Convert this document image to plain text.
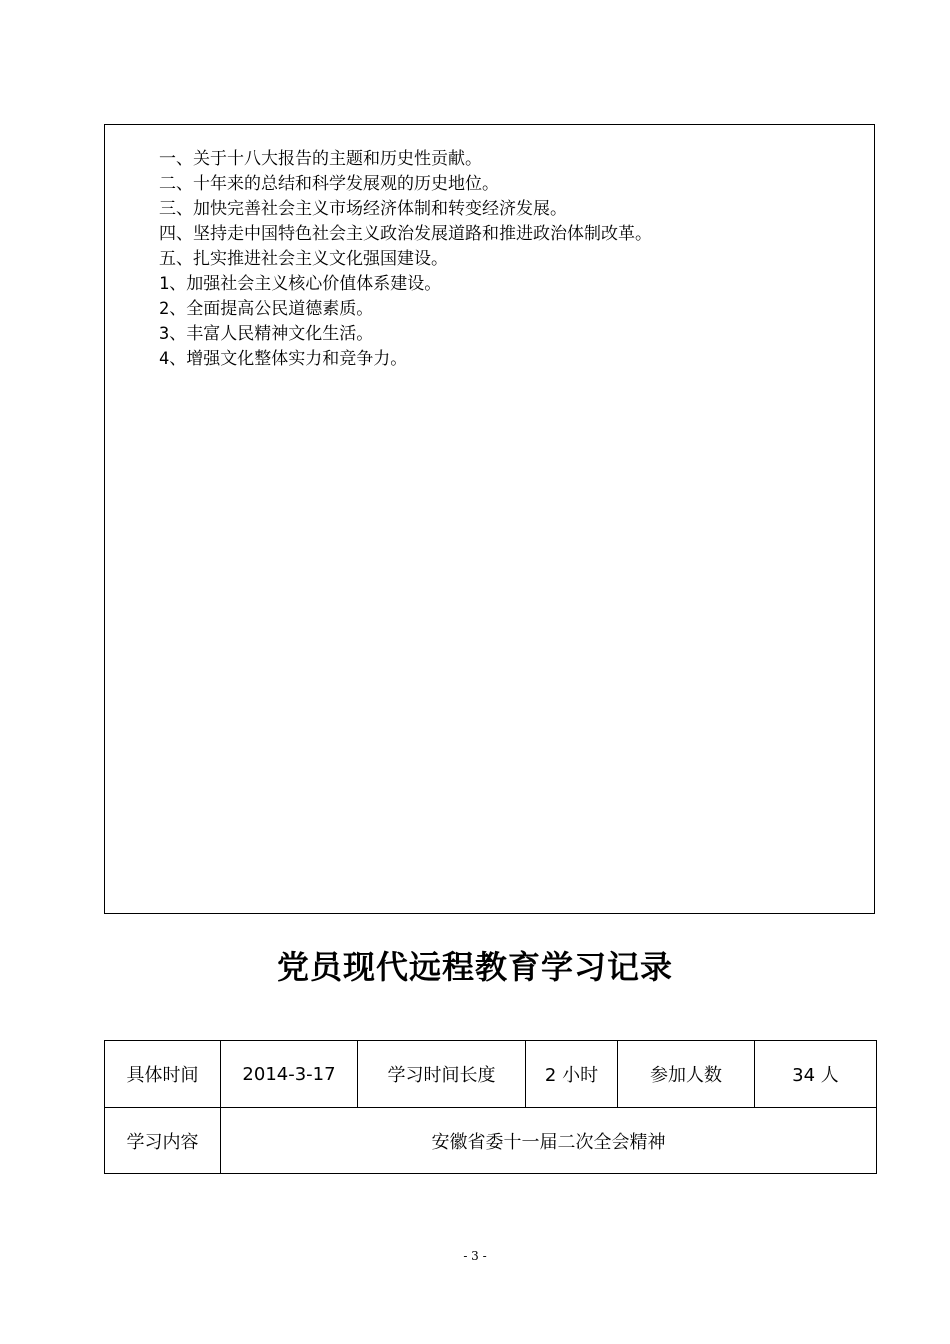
一、关于十八大报告的主题和历史性贡献。
二、十年来的总结和科学发展观的历史地位。
三、加快完善社会主义市场经济体制和转变经济发展。
四、坚持走中国特色社会主义政治发展道路和推进政治体制改革。
五、扎实推进社会主义文化强国建设。
1、加强社会主义核心价值体系建设。
2、全面提高公民道德素质。
3、丰富人民精神文化生活。
4、增强文化整体实力和竞争力。
党员现代远程教育学习记录
具体时间	2014-3-17	学习时间长度	2 小时	参加人数	34 人
学习内容	安徽省委十一届二次全会精神				
- 3 -
